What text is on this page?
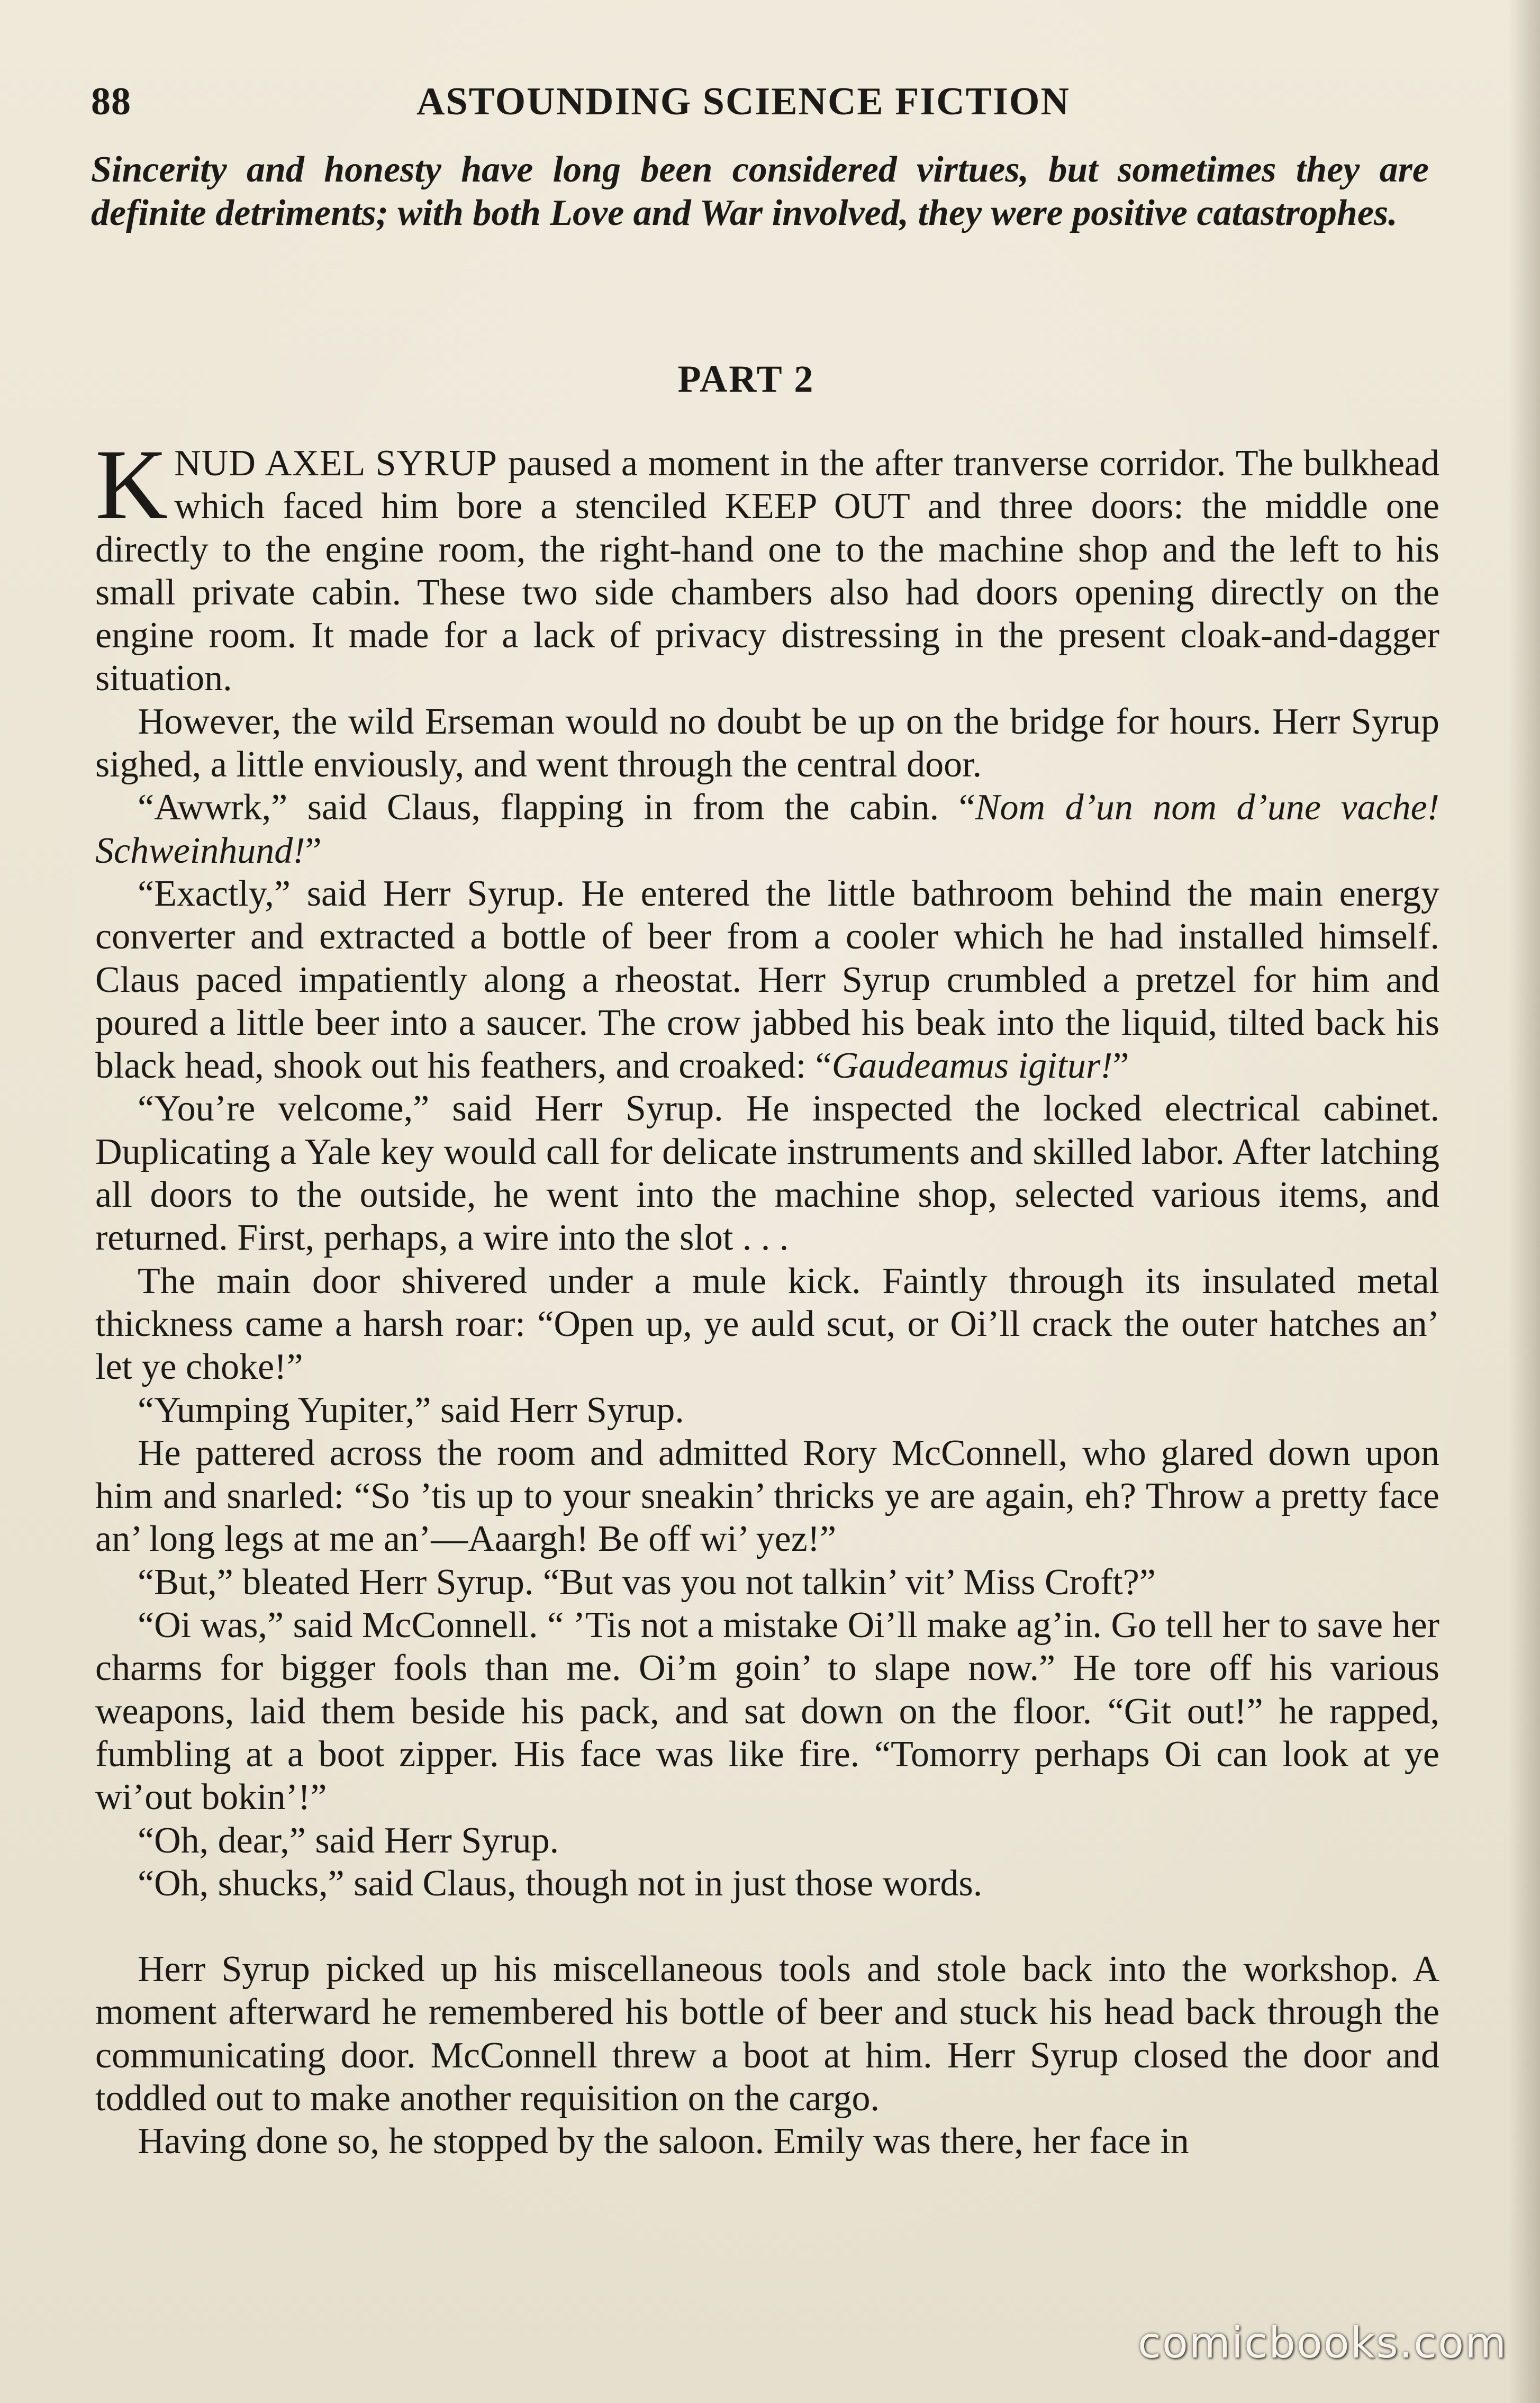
88	ASTOUNDING SCIENCE FICTION
Sincerity and honesty have long been considered virtues, but sometimes they are definite detriments; with both Love and War involved, they were positive catastrophes.
PART 2

KNUD AXEL SYRUP paused a moment in the after tranverse corridor. The bulkhead which faced him bore a stenciled KEEP OUT and three doors: the middle one directly to the engine room, the right-hand one to the machine shop and the left to his small private cabin. These two side chambers also had doors opening directly on the engine room. It made for a lack of privacy distressing in the present cloak-and-dagger situation.

However, the wild Erseman would no doubt be up on the bridge for hours. Herr Syrup sighed, a little enviously, and went through the central door.

“Awwrk,” said Claus, flapping in from the cabin. “Nom d’un nom d’une vache! Schweinhund!”

“Exactly,” said Herr Syrup. He entered the little bathroom behind the main energy converter and extracted a bottle of beer from a cooler which he had installed himself. Claus paced impatiently along a rheostat. Herr Syrup crumbled a pretzel for him and poured a little beer into a saucer. The crow jabbed his beak into the liquid, tilted back his black head, shook out his feathers, and croaked: “Gaudeamus igitur!”

“You’re velcome,” said Herr Syrup. He inspected the locked electrical cabinet. Duplicating a Yale key would call for delicate instruments and skilled labor. After latching all doors to the outside, he went into the machine shop, selected various items, and returned. First, perhaps, a wire into the slot . . .

The main door shivered under a mule kick. Faintly through its insulated metal thickness came a harsh roar: “Open up, ye auld scut, or Oi’ll crack the outer hatches an’ let ye choke!”

“Yumping Yupiter,” said Herr Syrup.

He pattered across the room and admitted Rory McConnell, who glared down upon him and snarled: “So ’tis up to your sneakin’ thricks ye are again, eh? Throw a pretty face an’ long legs at me an’—Aaargh! Be off wi’ yez!”

“But,” bleated Herr Syrup. “But vas you not talkin’ vit’ Miss Croft?”

“Oi was,” said McConnell. “ ’Tis not a mistake Oi’ll make ag’in. Go tell her to save her charms for bigger fools than me. Oi’m goin’ to slape now.” He tore off his various weapons, laid them beside his pack, and sat down on the floor. “Git out!” he rapped, fumbling at a boot zipper. His face was like fire. “Tomorry perhaps Oi can look at ye wi’out bokin’!”

“Oh, dear,” said Herr Syrup.

“Oh, shucks,” said Claus, though not in just those words.

Herr Syrup picked up his miscellaneous tools and stole back into the workshop. A moment afterward he remembered his bottle of beer and stuck his head back through the communicating door. McConnell threw a boot at him. Herr Syrup closed the door and toddled out to make another requisition on the cargo.

Having done so, he stopped by the saloon. Emily was there, her face in

comicbooks.com
